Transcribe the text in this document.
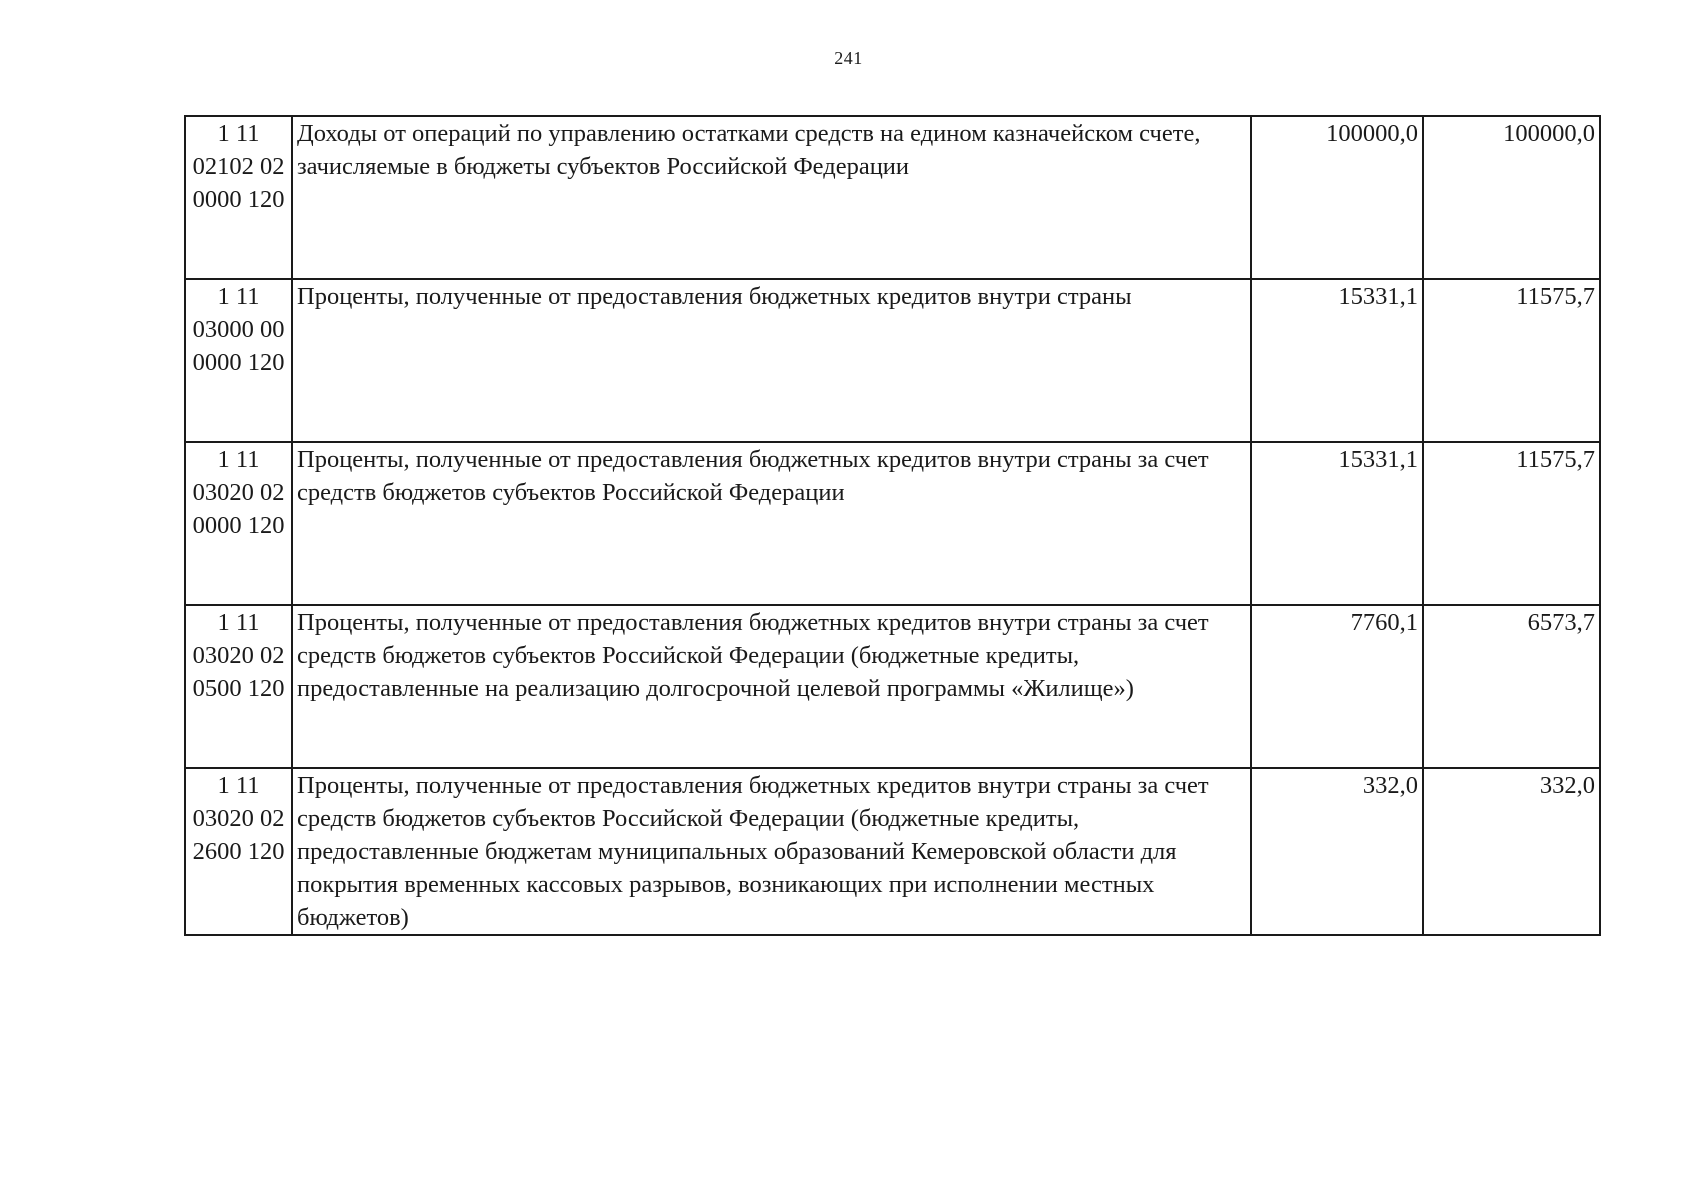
241
1 11 02102 02 0000 120	Доходы от операций по управлению остатками средств на едином казначейском счете, зачисляемые в бюджеты субъектов Российской Федерации	100000,0	100000,0
1 11 03000 00 0000 120	Проценты, полученные от предоставления бюджетных кредитов внутри страны	15331,1	11575,7
1 11 03020 02 0000 120	Проценты, полученные от предоставления бюджетных кредитов внутри страны за счет средств бюджетов субъектов Российской Федерации	15331,1	11575,7
1 11 03020 02 0500 120	Проценты, полученные от предоставления бюджетных кредитов внутри страны за счет средств бюджетов субъектов Российской Федерации (бюджетные кредиты, предоставленные на реализацию долгосрочной целевой программы «Жилище»)	7760,1	6573,7
1 11 03020 02 2600 120	Проценты, полученные от предоставления бюджетных кредитов внутри страны за счет средств бюджетов субъектов Российской Федерации (бюджетные кредиты, предоставленные бюджетам муниципальных образований Кемеровской области для покрытия временных кассовых разрывов, возникающих при исполнении местных бюджетов)	332,0	332,0
